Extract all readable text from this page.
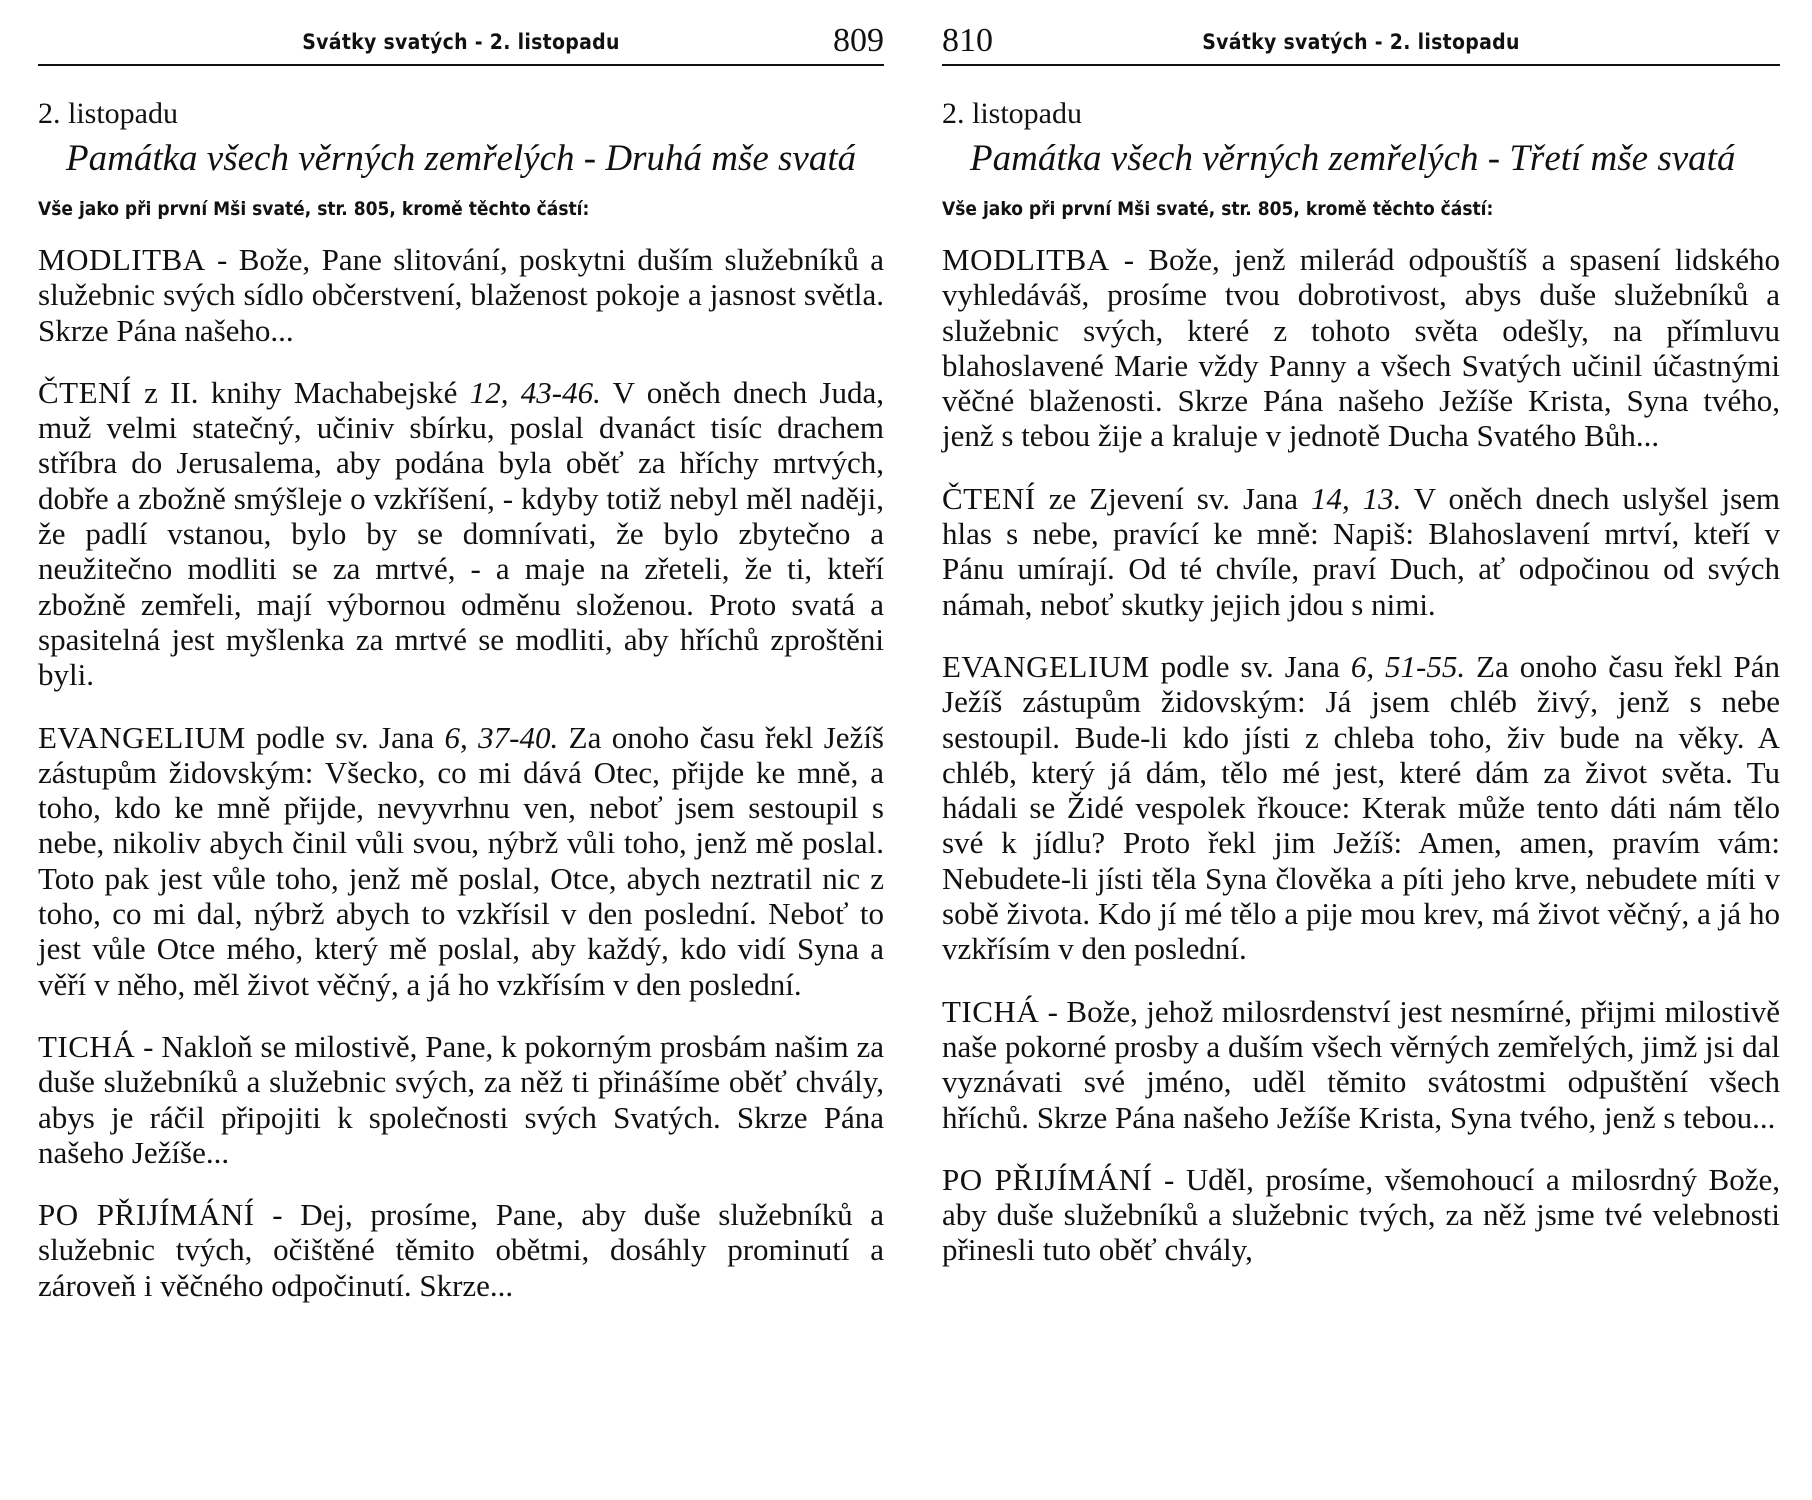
Svátky svatých - 2. listopadu	809
2. listopadu
Památka všech věrných zemřelých - Druhá mše svatá
Vše jako při první Mši svaté, str. 805, kromě těchto částí:

MODLITBA - Bože, Pane slitování, poskytni duším služebníků a služebnic svých sídlo občerstvení, blaženost pokoje a jasnost světla. Skrze Pána našeho...

ČTENÍ z II. knihy Machabejské 12, 43-46. V oněch dnech Juda, muž velmi statečný, učiniv sbírku, poslal dvanáct tisíc drachem stříbra do Jerusalema, aby podána byla oběť za hříchy mrtvých, dobře a zbožně smýšleje o vzkříšení, - kdyby totiž nebyl měl naději, že padlí vstanou, bylo by se domnívati, že bylo zbytečno a neužitečno modliti se za mrtvé, - a maje na zřeteli, že ti, kteří zbožně zemřeli, mají výbornou odměnu složenou. Proto svatá a spasitelná jest myšlenka za mrtvé se modliti, aby hříchů zproštěni byli.

EVANGELIUM podle sv. Jana 6, 37-40. Za onoho času řekl Ježíš zástupům židovským: Všecko, co mi dává Otec, přijde ke mně, a toho, kdo ke mně přijde, nevyvrhnu ven, neboť jsem sestoupil s nebe, nikoliv abych činil vůli svou, nýbrž vůli toho, jenž mě poslal. Toto pak jest vůle toho, jenž mě poslal, Otce, abych neztratil nic z toho, co mi dal, nýbrž abych to vzkřísil v den poslední. Neboť to jest vůle Otce mého, který mě poslal, aby každý, kdo vidí Syna a věří v něho, měl život věčný, a já ho vzkřísím v den poslední.

TICHÁ - Nakloň se milostivě, Pane, k pokorným prosbám našim za duše služebníků a služebnic svých, za něž ti přinášíme oběť chvály, abys je ráčil připojiti k společnosti svých Svatých. Skrze Pána našeho Ježíše...

PO PŘIJÍMÁNÍ - Dej, prosíme, Pane, aby duše služebníků a služebnic tvých, očištěné těmito obětmi, dosáhly prominutí a zároveň i věčného odpočinutí. Skrze...

810	Svátky svatých - 2. listopadu
2. listopadu
Památka všech věrných zemřelých - Třetí mše svatá
Vše jako při první Mši svaté, str. 805, kromě těchto částí:

MODLITBA - Bože, jenž milerád odpouštíš a spasení lidského vyhledáváš, prosíme tvou dobrotivost, abys duše služebníků a služebnic svých, které z tohoto světa odešly, na přímluvu blahoslavené Marie vždy Panny a všech Svatých učinil účastnými věčné blaženosti. Skrze Pána našeho Ježíše Krista, Syna tvého, jenž s tebou žije a kraluje v jednotě Ducha Svatého Bůh...

ČTENÍ ze Zjevení sv. Jana 14, 13. V oněch dnech uslyšel jsem hlas s nebe, pravící ke mně: Napiš: Blahoslavení mrtví, kteří v Pánu umírají. Od té chvíle, praví Duch, ať odpočinou od svých námah, neboť skutky jejich jdou s nimi.

EVANGELIUM podle sv. Jana 6, 51-55. Za onoho času řekl Pán Ježíš zástupům židovským: Já jsem chléb živý, jenž s nebe sestoupil. Bude-li kdo jísti z chleba toho, živ bude na věky. A chléb, který já dám, tělo mé jest, které dám za život světa. Tu hádali se Židé vespolek řkouce: Kterak může tento dáti nám tělo své k jídlu? Proto řekl jim Ježíš: Amen, amen, pravím vám: Nebudete-li jísti těla Syna člověka a píti jeho krve, nebudete míti v sobě života. Kdo jí mé tělo a pije mou krev, má život věčný, a já ho vzkřísím v den poslední.

TICHÁ - Bože, jehož milosrdenství jest nesmírné, přijmi milostivě naše pokorné prosby a duším všech věrných zemřelých, jimž jsi dal vyznávati své jméno, uděl těmito svátostmi odpuštění všech hříchů. Skrze Pána našeho Ježíše Krista, Syna tvého, jenž s tebou...

PO PŘIJÍMÁNÍ - Uděl, prosíme, všemohoucí a milosrdný Bože, aby duše služebníků a služebnic tvých, za něž jsme tvé velebnosti přinesli tuto oběť chvály,
